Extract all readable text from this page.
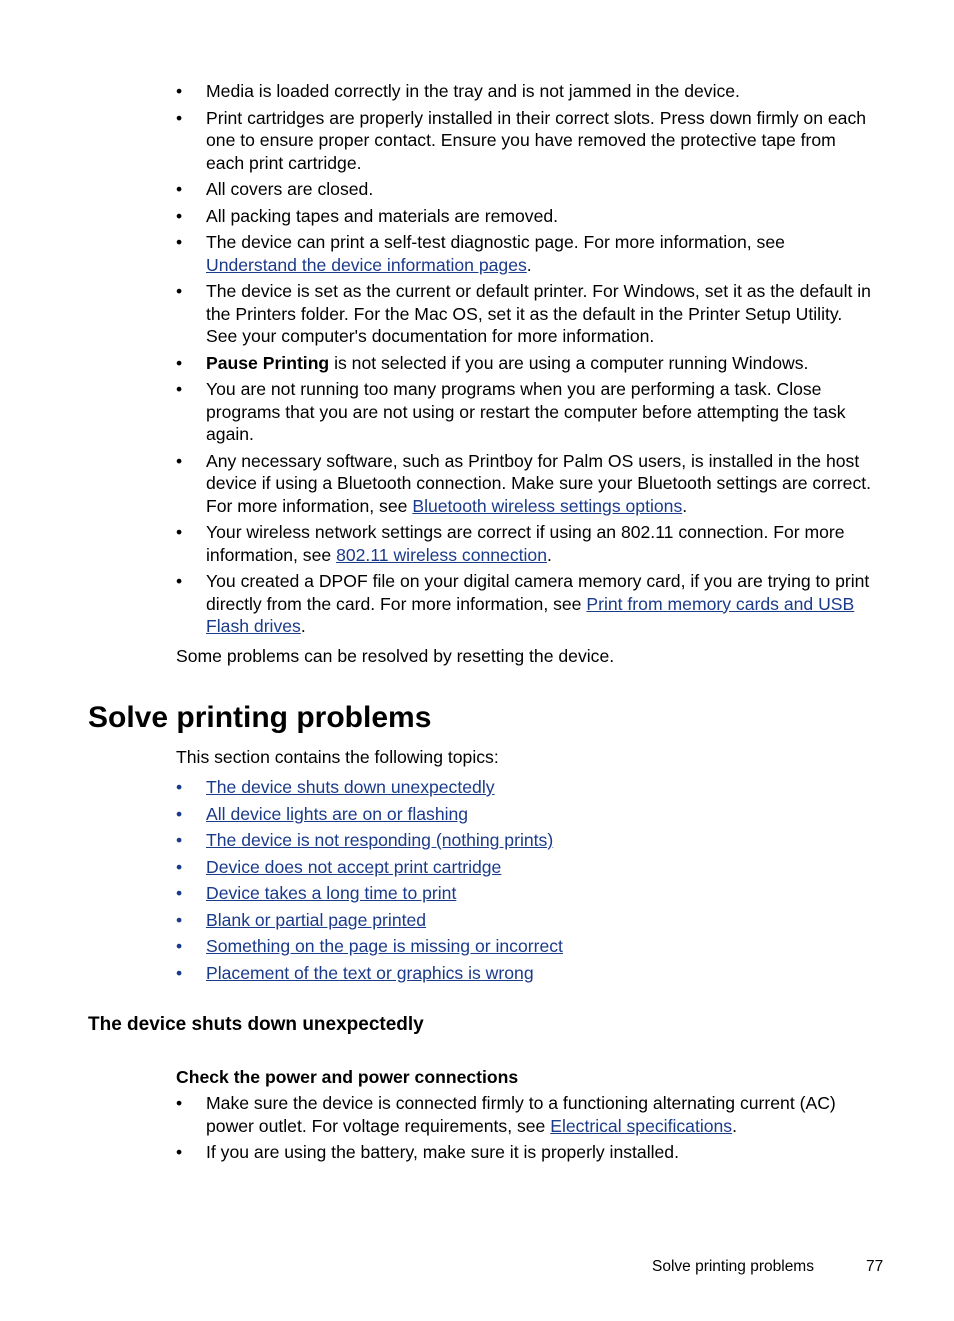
• Media is loaded correctly in the tray and is not jammed in the device.
• Print cartridges are properly installed in their correct slots. Press down firmly on each one to ensure proper contact. Ensure you have removed the protective tape from each print cartridge.
• All covers are closed.
• All packing tapes and materials are removed.
• The device can print a self-test diagnostic page. For more information, see Understand the device information pages.
• The device is set as the current or default printer. For Windows, set it as the default in the Printers folder. For the Mac OS, set it as the default in the Printer Setup Utility. See your computer's documentation for more information.
• Pause Printing is not selected if you are using a computer running Windows.
• You are not running too many programs when you are performing a task. Close programs that you are not using or restart the computer before attempting the task again.
• Any necessary software, such as Printboy for Palm OS users, is installed in the host device if using a Bluetooth connection. Make sure your Bluetooth settings are correct. For more information, see Bluetooth wireless settings options.
• Your wireless network settings are correct if using an 802.11 connection. For more information, see 802.11 wireless connection.
• You created a DPOF file on your digital camera memory card, if you are trying to print directly from the card. For more information, see Print from memory cards and USB Flash drives.
Some problems can be resolved by resetting the device.
Solve printing problems
This section contains the following topics:
• The device shuts down unexpectedly
• All device lights are on or flashing
• The device is not responding (nothing prints)
• Device does not accept print cartridge
• Device takes a long time to print
• Blank or partial page printed
• Something on the page is missing or incorrect
• Placement of the text or graphics is wrong
The device shuts down unexpectedly
Check the power and power connections
• Make sure the device is connected firmly to a functioning alternating current (AC) power outlet. For voltage requirements, see Electrical specifications.
• If you are using the battery, make sure it is properly installed.
Solve printing problems	77
